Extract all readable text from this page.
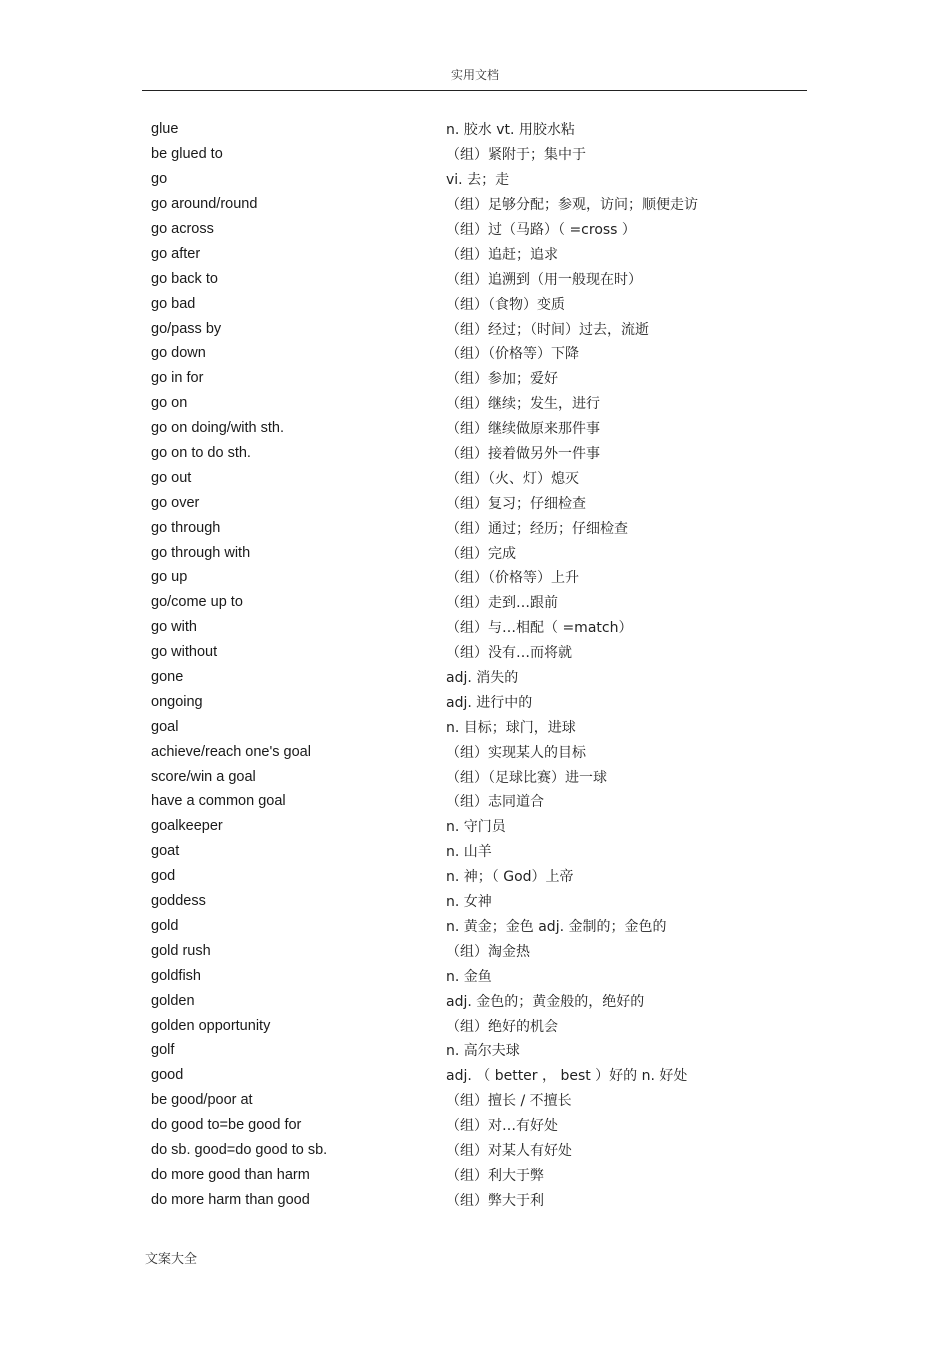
实用文档
glue	n. 胶水 vt. 用胶水粘
be glued to	（组）紧附于；集中于
go	vi. 去；走
go around/round	（组）足够分配；参观，访问；顺便走访
go across	（组）过（马路）（ =cross ）
go after	（组）追赶；追求
go back to	（组）追溯到（用一般现在时）
go bad	（组）（食物）变质
go/pass by	（组）经过；（时间）过去，流逝
go down	（组）（价格等）下降
go in for	（组）参加；爱好
go on	（组）继续；发生，进行
go on doing/with sth.	（组）继续做原来那件事
go on to do sth.	（组）接着做另外一件事
go out	（组）（火、灯）熄灭
go over	（组）复习；仔细检查
go through	（组）通过；经历；仔细检查
go through with	（组）完成
go up	（组）（价格等）上升
go/come up to	（组）走到…跟前
go with	（组）与…相配（ =match）
go without	（组）没有…而将就
gone	adj. 消失的
ongoing	adj. 进行中的
goal	n. 目标；球门，进球
achieve/reach one's goal	（组）实现某人的目标
score/win a goal	（组）（足球比赛）进一球
have a common goal	（组）志同道合
goalkeeper	n. 守门员
goat	n. 山羊
god	n. 神；（ God）上帝
goddess	n. 女神
gold	n. 黄金；金色 adj. 金制的；金色的
gold rush	（组）淘金热
goldfish	n. 金鱼
golden	adj. 金色的；黄金般的，绝好的
golden opportunity	（组）绝好的机会
golf	n. 高尔夫球
good	adj. （ better ， best ）好的 n. 好处
be good/poor at	（组）擅长 / 不擅长
do good to=be good for	（组）对…有好处
do sb. good=do good to sb.	（组）对某人有好处
do more good than harm	（组）利大于弊
do more harm than good	（组）弊大于利
文案大全
